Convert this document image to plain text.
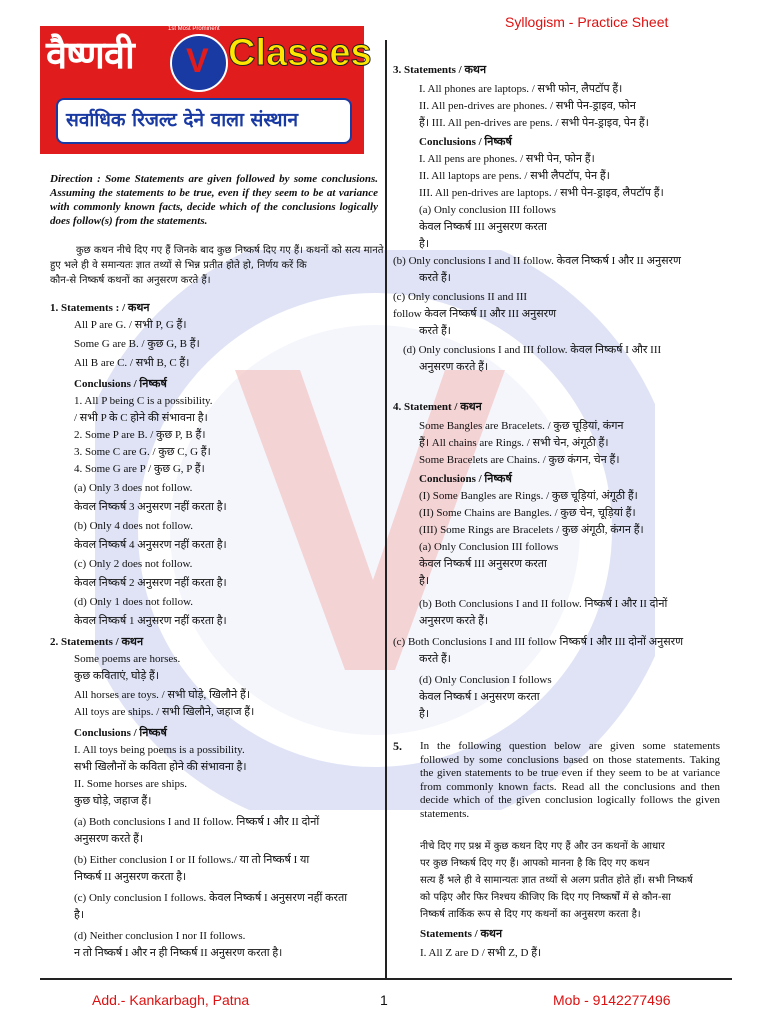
Syllogism - Practice Sheet
वैष्णवी V
1st Most Prominent
Classes
सर्वाधिक रिजल्ट देने वाला संस्थान
Direction : Some Statements are given followed by some conclusions. Assuming the statements to be true, even if they seem to be at variance with commonly known facts, decide which of the conclusions logically does follow(s) from the statements.

कुछ कथन नीचे दिए गए हैं जिनके बाद कुछ निष्कर्ष दिए गए हैं। कथनों को सत्य मानते

हुए भले ही वे समान्यतः ज्ञात तथ्यों से भिन्न प्रतीत होते हो, निर्णय करें कि

कौन-से निष्कर्ष कथनों का अनुसरण करते हैं।

1. Statements : / कथन

All P are G. / सभी P, G हैं।

Some G are B. / कुछ G, B हैं।

All B are C. / सभी B, C हैं।

Conclusions / निष्कर्ष

1. All P being C is a possibility.

/ सभी P के C होने की संभावना है।

2. Some P are B. / कुछ P, B हैं।

3. Some C are G. / कुछ C, G हैं।

4. Some G are P / कुछ G, P हैं।

(a) Only 3 does not follow.

केवल निष्कर्ष 3 अनुसरण नहीं करता है।

(b) Only 4 does not follow.

केवल निष्कर्ष 4 अनुसरण नहीं करता है।

(c) Only 2 does not follow.

केवल निष्कर्ष 2 अनुसरण नहीं करता है।

(d) Only 1 does not follow.

केवल निष्कर्ष 1 अनुसरण नहीं करता है।

2. Statements / कथन

Some poems are horses.

कुछ कविताएं, घोड़े हैं।

All horses are toys. / सभी घोड़े, खिलौने हैं।

All toys are ships. / सभी खिलौने, जहाज हैं।

Conclusions / निष्कर्ष

I. All toys being poems is a possibility.

सभी खिलौनों के कविता होने की संभावना है।

II. Some horses are ships.

कुछ घोड़े, जहाज हैं।

(a) Both conclusions I and II follow. निष्कर्ष I और II दोनों

अनुसरण करते हैं।

(b) Either conclusion I or II follows./ या तो निष्कर्ष I या

निष्कर्ष II अनुसरण करता है।

(c) Only conclusion I follows. केवल निष्कर्ष I अनुसरण नहीं करता

है।

(d) Neither conclusion I nor II follows.

न तो निष्कर्ष I और न ही निष्कर्ष II अनुसरण करता है।

3. Statements / कथन

I. All phones are laptops. / सभी फोन, लैपटॉप हैं।

II. All pen-drives are phones. / सभी पेन-ड्राइव, फोन

हैं। III. All pen-drives are pens. / सभी पेन-ड्राइव, पेन हैं।

Conclusions / निष्कर्ष

I. All pens are phones. / सभी पेन, फोन हैं।

II. All laptops are pens. / सभी लैपटॉप, पेन हैं।

III. All pen-drives are laptops. / सभी पेन-ड्राइव, लैपटॉप हैं।

(a) Only conclusion III follows

केवल निष्कर्ष III अनुसरण करता

है।

(b) Only conclusions I and II follow. केवल निष्कर्ष I और II अनुसरण

करते हैं।

(c) Only conclusions II and III

follow केवल निष्कर्ष II और III अनुसरण

करते हैं।

(d) Only conclusions I and III follow. केवल निष्कर्ष I और III

अनुसरण करते हैं।

4. Statement / कथन

Some Bangles are Bracelets. / कुछ चूड़ियां, कंगन

हैं। All chains are Rings. / सभी चेन, अंगूठी हैं।

Some Bracelets are Chains. / कुछ कंगन, चेन हैं।

Conclusions / निष्कर्ष

(I) Some Bangles are Rings. / कुछ चूड़ियां, अंगूठी हैं।

(II) Some Chains are Bangles. / कुछ चेन, चूड़ियां हैं।

(III) Some Rings are Bracelets / कुछ अंगूठी, कंगन हैं।

(a) Only Conclusion III follows

केवल निष्कर्ष III अनुसरण करता

है।

(b) Both Conclusions I and II follow. निष्कर्ष I और II दोनों

अनुसरण करते हैं।

(c) Both Conclusions I and III follow निष्कर्ष I और III दोनों अनुसरण

करते हैं।

(d) Only Conclusion I follows

केवल निष्कर्ष I अनुसरण करता

है।

5. In the following question below are given some statements followed by some conclusions based on those statements. Taking the given statements to be true even if they seem to be at variance from commonly known facts. Read all the conclusions and then decide which of the given conclusion logically follows the given statements.

नीचे दिए गए प्रश्न में कुछ कथन दिए गए हैं और उन कथनों के आधार

पर कुछ निष्कर्ष दिए गए हैं। आपको मानना है कि दिए गए कथन

सत्य हैं भले ही वे सामान्यतः ज्ञात तथ्यों से अलग प्रतीत होते हों। सभी निष्कर्ष

को पढ़िए और फिर निश्चय कीजिए कि दिए गए निष्कर्षों में से कौन-सा

निष्कर्ष तार्किक रूप से दिए गए कथनों का अनुसरण करता है।

Statements / कथन

I. All Z are D / सभी Z, D हैं।

Add.- Kankarbagh, Patna	1	Mob - 9142277496
